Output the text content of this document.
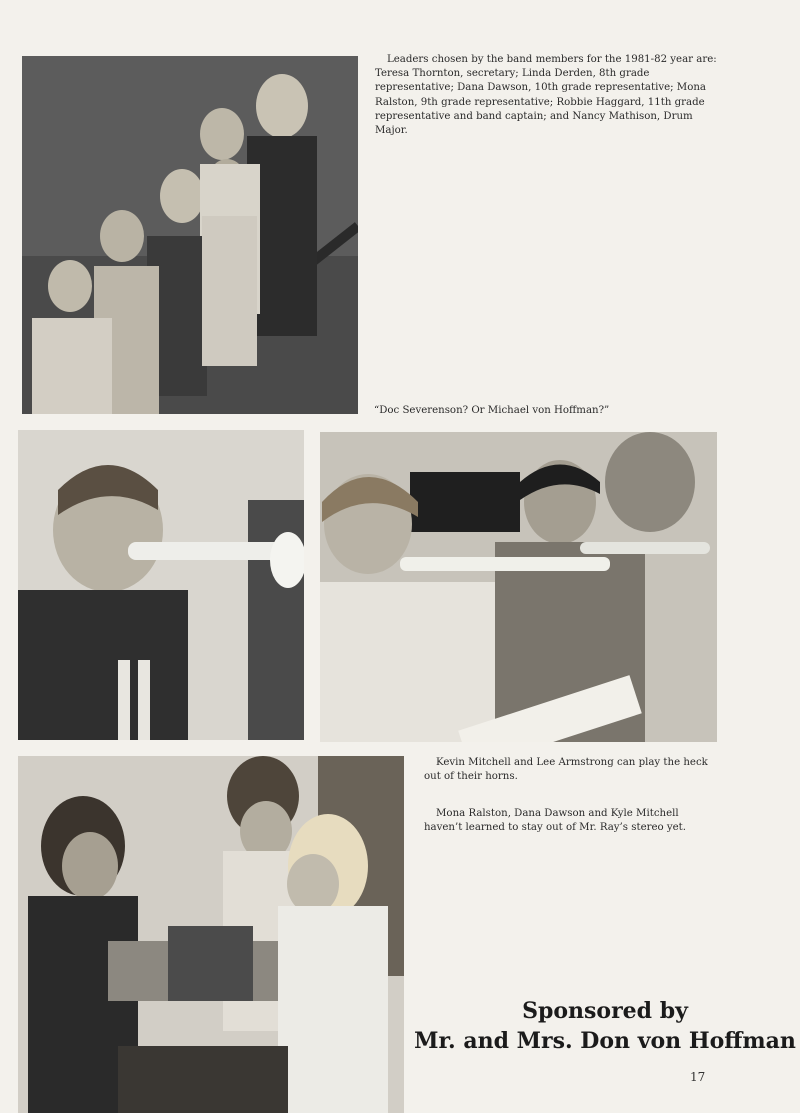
Leaders chosen by the band members for the 1981-82 year are: Teresa Thornton, secretary; Linda Derden, 8th grade representative; Dana Dawson, 10th grade representative; Mona Ralston, 9th grade representative; Robbie Haggard, 11th grade representative and band captain; and Nancy Mathison, Drum Major.
“Doc Severenson? Or Michael von Hoffman?”
Kevin Mitchell and Lee Armstrong can play the heck out of their horns.
Mona Ralston, Dana Dawson and Kyle Mitchell haven’t learned to stay out of Mr. Ray’s stereo yet.
Sponsored by
Mr. and Mrs. Don von Hoffman
17
